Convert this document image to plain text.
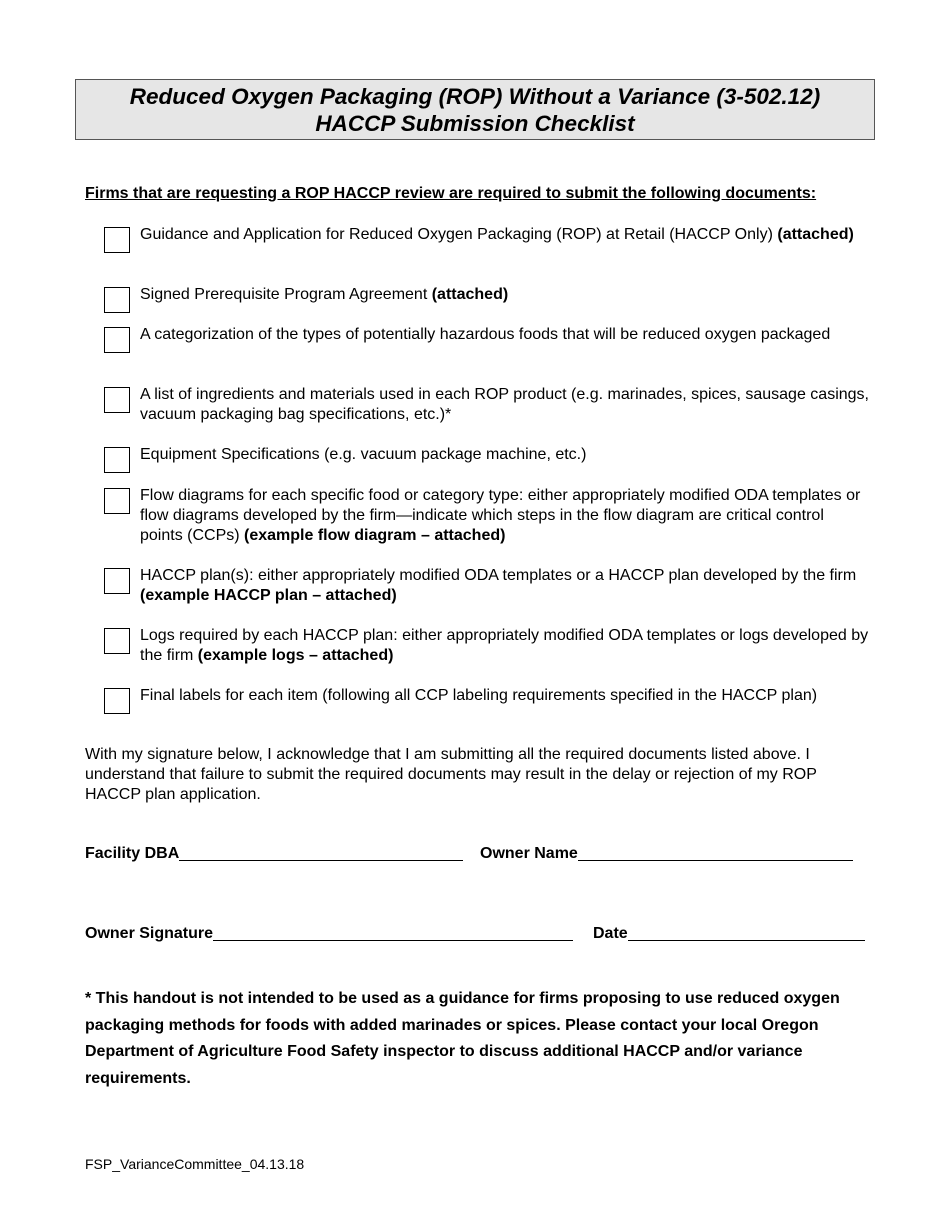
Reduced Oxygen Packaging (ROP) Without a Variance (3-502.12)
HACCP Submission Checklist
Firms that are requesting a ROP HACCP review are required to submit the following documents:
Guidance and Application for Reduced Oxygen Packaging (ROP) at Retail (HACCP Only) (attached)
Signed Prerequisite Program Agreement (attached)
A categorization of the types of potentially hazardous foods that will be reduced oxygen packaged
A list of ingredients and materials used in each ROP product (e.g. marinades, spices, sausage casings, vacuum packaging bag specifications, etc.)*
Equipment Specifications (e.g. vacuum package machine, etc.)
Flow diagrams for each specific food or category type: either appropriately modified ODA templates or flow diagrams developed by the firm—indicate which steps in the flow diagram are critical control points (CCPs) (example flow diagram – attached)
HACCP plan(s): either appropriately modified ODA templates or a HACCP plan developed by the firm (example HACCP plan – attached)
Logs required by each HACCP plan: either appropriately modified ODA templates or logs developed by the firm (example logs – attached)
Final labels for each item (following all CCP labeling requirements specified in the HACCP plan)
With my signature below, I acknowledge that I am submitting all the required documents listed above. I understand that failure to submit the required documents may result in the delay or rejection of my ROP HACCP plan application.
Facility DBA	Owner Name
Owner Signature	Date
* This handout is not intended to be used as a guidance for firms proposing to use reduced oxygen packaging methods for foods with added marinades or spices. Please contact your local Oregon Department of Agriculture Food Safety inspector to discuss additional HACCP and/or variance requirements.
FSP_VarianceCommittee_04.13.18
